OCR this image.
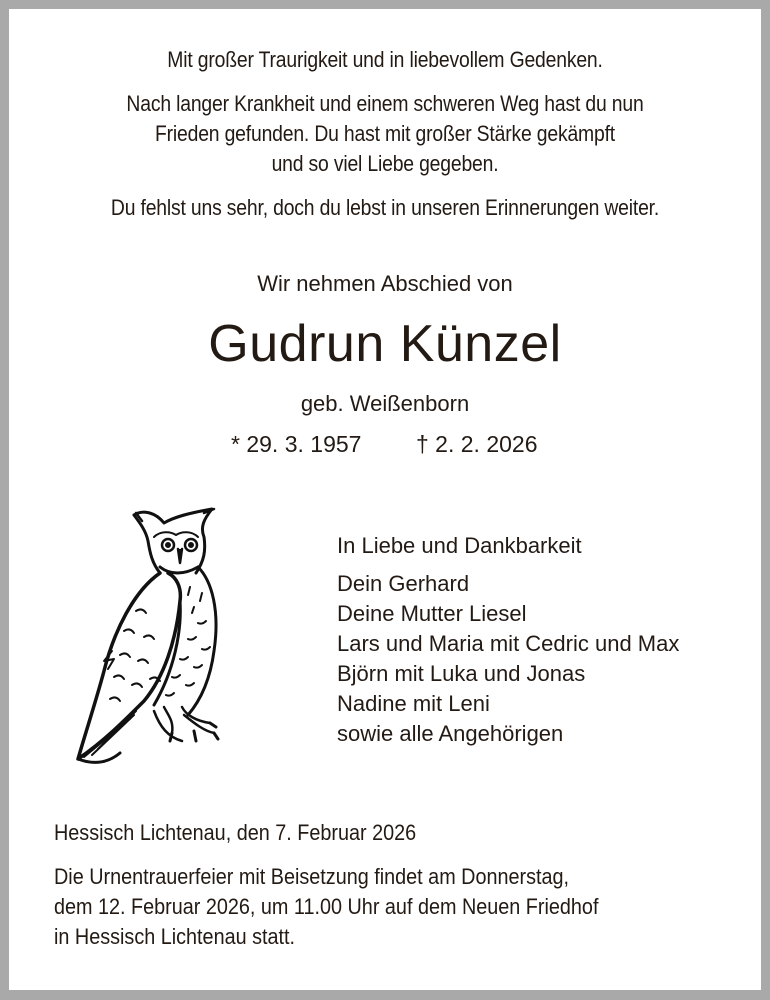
Mit großer Traurigkeit und in liebevollem Gedenken.
Nach langer Krankheit und einem schweren Weg hast du nun
Frieden gefunden. Du hast mit großer Stärke gekämpft
und so viel Liebe gegeben.
Du fehlst uns sehr, doch du lebst in unseren Erinnerungen weiter.
Wir nehmen Abschied von
Gudrun Künzel
geb. Weißenborn
* 29. 3. 1957 † 2. 2. 2026
In Liebe und Dankbarkeit
Dein Gerhard
Deine Mutter Liesel
Lars und Maria mit Cedric und Max
Björn mit Luka und Jonas
Nadine mit Leni
sowie alle Angehörigen
Hessisch Lichtenau, den 7. Februar 2026
Die Urnentrauerfeier mit Beisetzung findet am Donnerstag,
dem 12. Februar 2026, um 11.00 Uhr auf dem Neuen Friedhof
in Hessisch Lichtenau statt.
